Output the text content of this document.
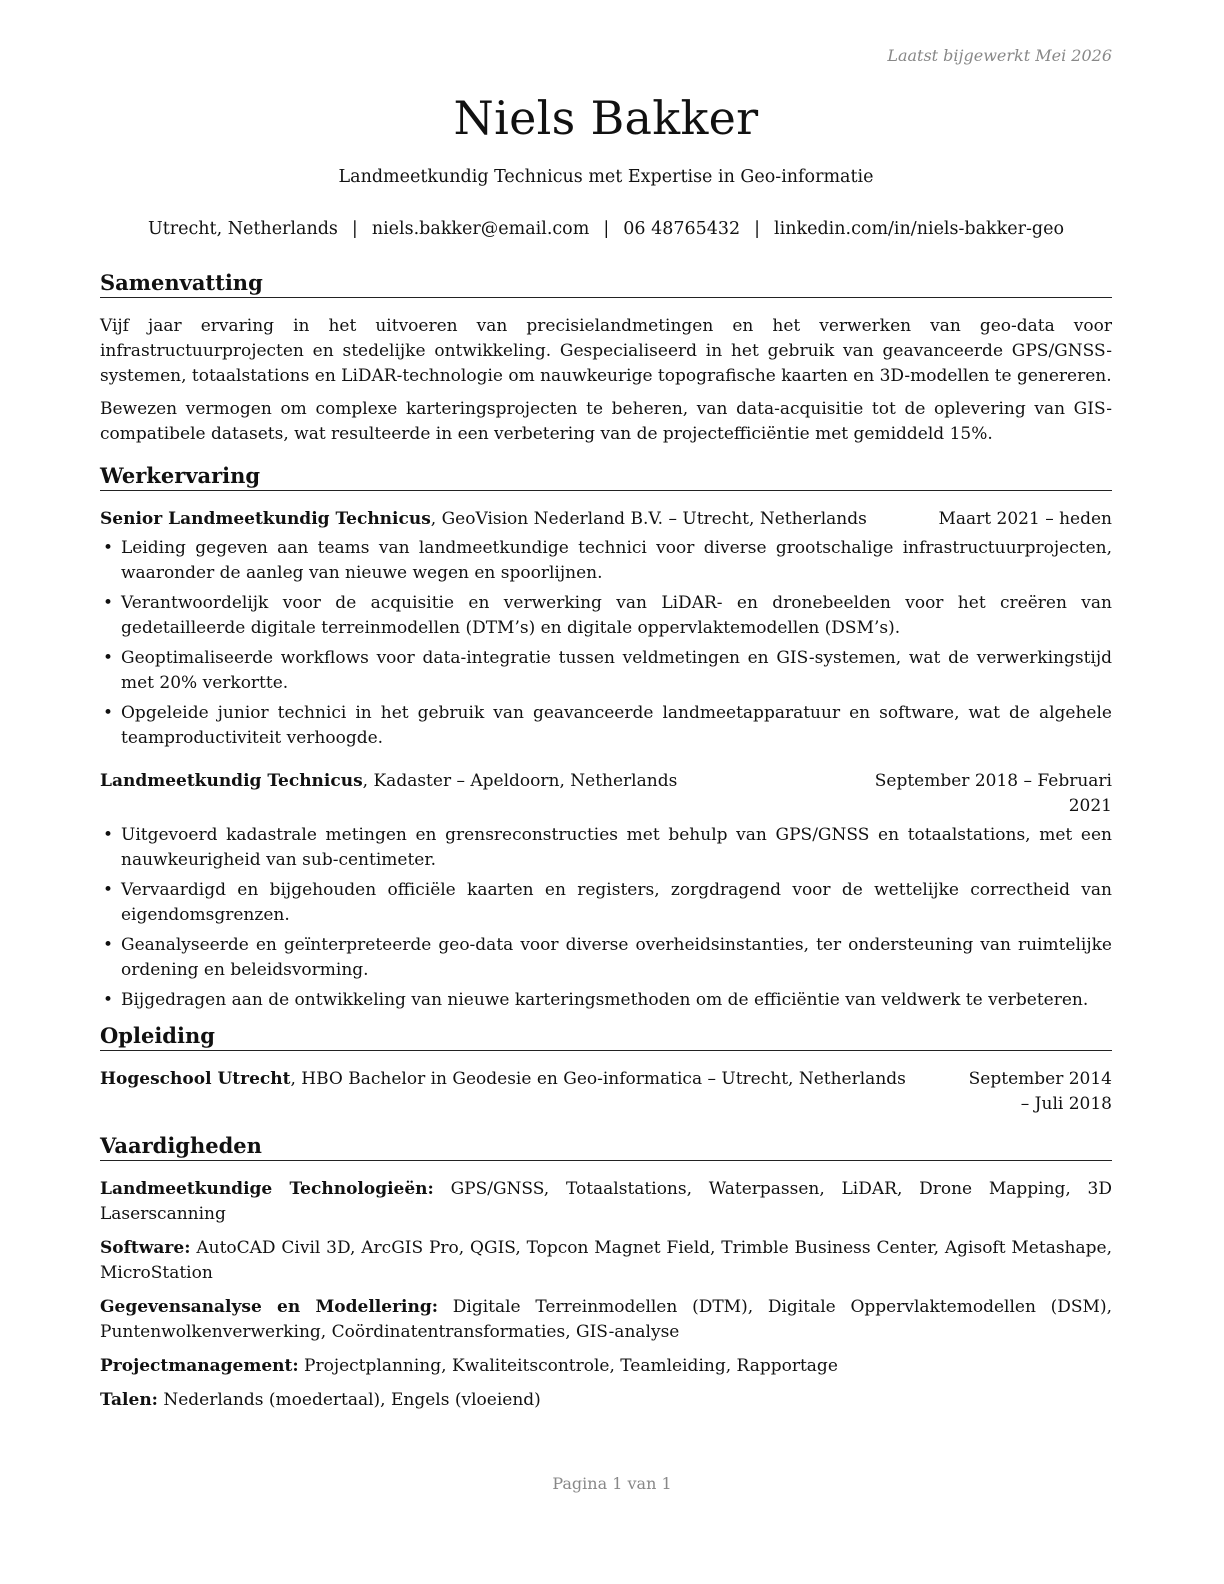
Laatst bijgewerkt Mei 2026
Niels Bakker
Landmeetkundig Technicus met Expertise in Geo-informatie
Utrecht, Netherlands | niels.bakker@email.com | 06 48765432 | linkedin.com/in/niels-bakker-geo
Samenvatting

Vijf jaar ervaring in het uitvoeren van precisielandmetingen en het verwerken van geo-data voor infrastructuurprojecten en stedelijke ontwikkeling. Gespecialiseerd in het gebruik van geavanceerde GPS/GNSS-systemen, totaalstations en LiDAR-technologie om nauwkeurige topografische kaarten en 3D-modellen te genereren.

Bewezen vermogen om complexe karteringsprojecten te beheren, van data-acquisitie tot de oplevering van GIS-compatibele datasets, wat resulteerde in een verbetering van de projectefficiëntie met gemiddeld 15%.

Werkervaring
Senior Landmeetkundig Technicus, GeoVision Nederland B.V. – Utrecht, Netherlands	Maart 2021 – heden
• Leiding gegeven aan teams van landmeetkundige technici voor diverse grootschalige infrastructuurprojecten, waaronder de aanleg van nieuwe wegen en spoorlijnen.
• Verantwoordelijk voor de acquisitie en verwerking van LiDAR- en dronebeelden voor het creëren van gedetailleerde digitale terreinmodellen (DTM’s) en digitale oppervlaktemodellen (DSM’s).
• Geoptimaliseerde workflows voor data-integratie tussen veldmetingen en GIS-systemen, wat de verwerkingstijd met 20% verkortte.
• Opgeleide junior technici in het gebruik van geavanceerde landmeetapparatuur en software, wat de algehele teamproductiviteit verhoogde.
Landmeetkundig Technicus, Kadaster – Apeldoorn, Netherlands	September 2018 – Februari 2021
• Uitgevoerd kadastrale metingen en grensreconstructies met behulp van GPS/GNSS en totaalstations, met een nauwkeurigheid van sub-centimeter.
• Vervaardigd en bijgehouden officiële kaarten en registers, zorgdragend voor de wettelijke correctheid van eigendomsgrenzen.
• Geanalyseerde en geïnterpreteerde geo-data voor diverse overheidsinstanties, ter ondersteuning van ruimtelijke ordening en beleidsvorming.
• Bijgedragen aan de ontwikkeling van nieuwe karteringsmethoden om de efficiëntie van veldwerk te verbeteren.
Opleiding
Hogeschool Utrecht, HBO Bachelor in Geodesie en Geo-informatica – Utrecht, Netherlands	September 2014 – Juli 2018
Vaardigheden

Landmeetkundige Technologieën: GPS/GNSS, Totaalstations, Waterpassen, LiDAR, Drone Mapping, 3D Laserscanning

Software: AutoCAD Civil 3D, ArcGIS Pro, QGIS, Topcon Magnet Field, Trimble Business Center, Agisoft Metashape, MicroStation

Gegevensanalyse en Modellering: Digitale Terreinmodellen (DTM), Digitale Oppervlaktemodellen (DSM), Puntenwolkenverwerking, Coördinatentransformaties, GIS-analyse

Projectmanagement: Projectplanning, Kwaliteitscontrole, Teamleiding, Rapportage

Talen: Nederlands (moedertaal), Engels (vloeiend)

Pagina 1 van 1
